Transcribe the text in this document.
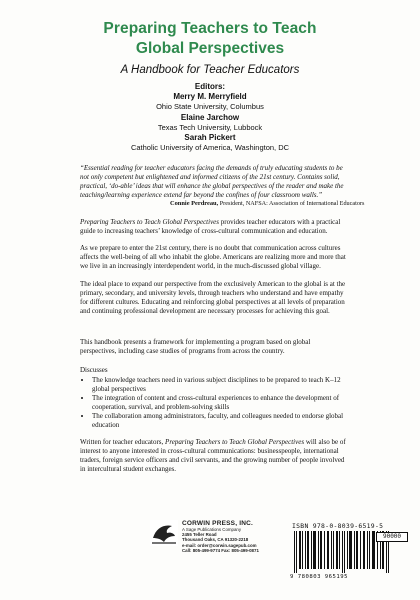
Preparing Teachers to Teach
Global Perspectives
A Handbook for Teacher Educators
Editors:
Merry M. Merryfield
Ohio State University, Columbus
Elaine Jarchow
Texas Tech University, Lubbock
Sarah Pickert
Catholic University of America, Washington, DC
“Essential reading for teacher educators facing the demands of truly educating students to be not only competent but enlightened and informed citizens of the 21st century. Contains solid, practical, ‘do-able’ ideas that will enhance the global perspectives of the reader and make the teaching/learning experience extend far beyond the confines of four classroom walls.”
Connie Perdreau, President, NAFSA: Association of International Educators
Preparing Teachers to Teach Global Perspectives provides teacher educators with a practical guide to increasing teachers’ knowledge of cross-cultural communication and education.
As we prepare to enter the 21st century, there is no doubt that communication across cultures affects the well-being of all who inhabit the globe. Americans are realizing more and more that we live in an increasingly interdependent world, in the much-discussed global village.
The ideal place to expand our perspective from the exclusively American to the global is at the primary, secondary, and university levels, through teachers who understand and have empathy for different cultures. Educating and reinforcing global perspectives at all levels of preparation and continuing professional development are necessary processes for achieving this goal.
This handbook presents a framework for implementing a program based on global perspectives, including case studies of programs from across the country.
Discusses
• The knowledge teachers need in various subject disciplines to be prepared to teach K–12 global perspectives
• The integration of content and cross-cultural experiences to enhance the development of cooperation, survival, and problem-solving skills
• The collaboration among administrators, faculty, and colleagues needed to endorse global education
Written for teacher educators, Preparing Teachers to Teach Global Perspectives will also be of interest to anyone interested in cross-cultural communications: businesspeople, international traders, foreign service officers and civil servants, and the growing number of people involved in intercultural student exchanges.
CORWIN PRESS, INC.
A Sage Publications Company
2455 Teller Road
Thousand Oaks, CA 91320-2218
e-mail: order@corwin.sagepub.com
Call: 805-499-9774 Fax: 805-499-0871
ISBN 978-0-8039-6519-5
90000
9 780803 965195
